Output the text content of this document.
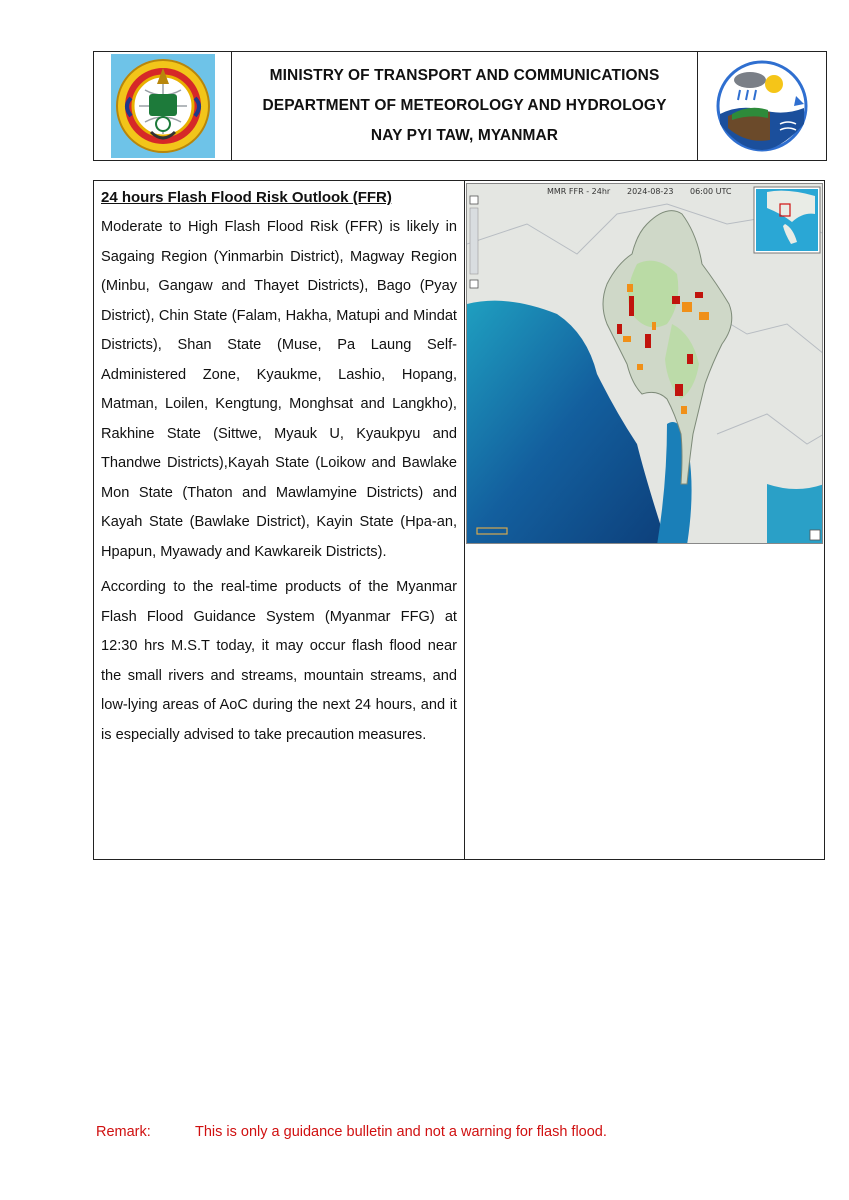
MINISTRY OF TRANSPORT AND COMMUNICATIONS
DEPARTMENT OF METEOROLOGY AND HYDROLOGY
NAY PYI TAW, MYANMAR
24 hours Flash Flood Risk Outlook (FFR)

Moderate to High Flash Flood Risk (FFR) is likely in Sagaing Region (Yinmarbin District), Magway Region (Minbu, Gangaw and Thayet Districts), Bago (Pyay District), Chin State (Falam, Hakha, Matupi and Mindat Districts), Shan State (Muse, Pa Laung Self-Administered Zone, Kyaukme, Lashio, Hopang, Matman, Loilen, Kengtung, Monghsat and Langkho), Rakhine State (Sittwe, Myauk U, Kyaukpyu and Thandwe Districts),Kayah State (Loikow and Bawlake Mon State (Thaton and Mawlamyine Districts) and Kayah State (Bawlake District), Kayin State (Hpa-an, Hpapun, Myawady and Kawkareik Districts).

According to the real-time products of the Myanmar Flash Flood Guidance System (Myanmar FFG) at 12:30 hrs M.S.T today, it may occur flash flood near the small rivers and streams, mountain streams, and low-lying areas of AoC during the next 24 hours, and it is especially advised to take precaution measures.

MMR FFR - 24hr 2024-08-23 06:00 UTC
Remark:	This is only a guidance bulletin and not a warning for flash flood.
